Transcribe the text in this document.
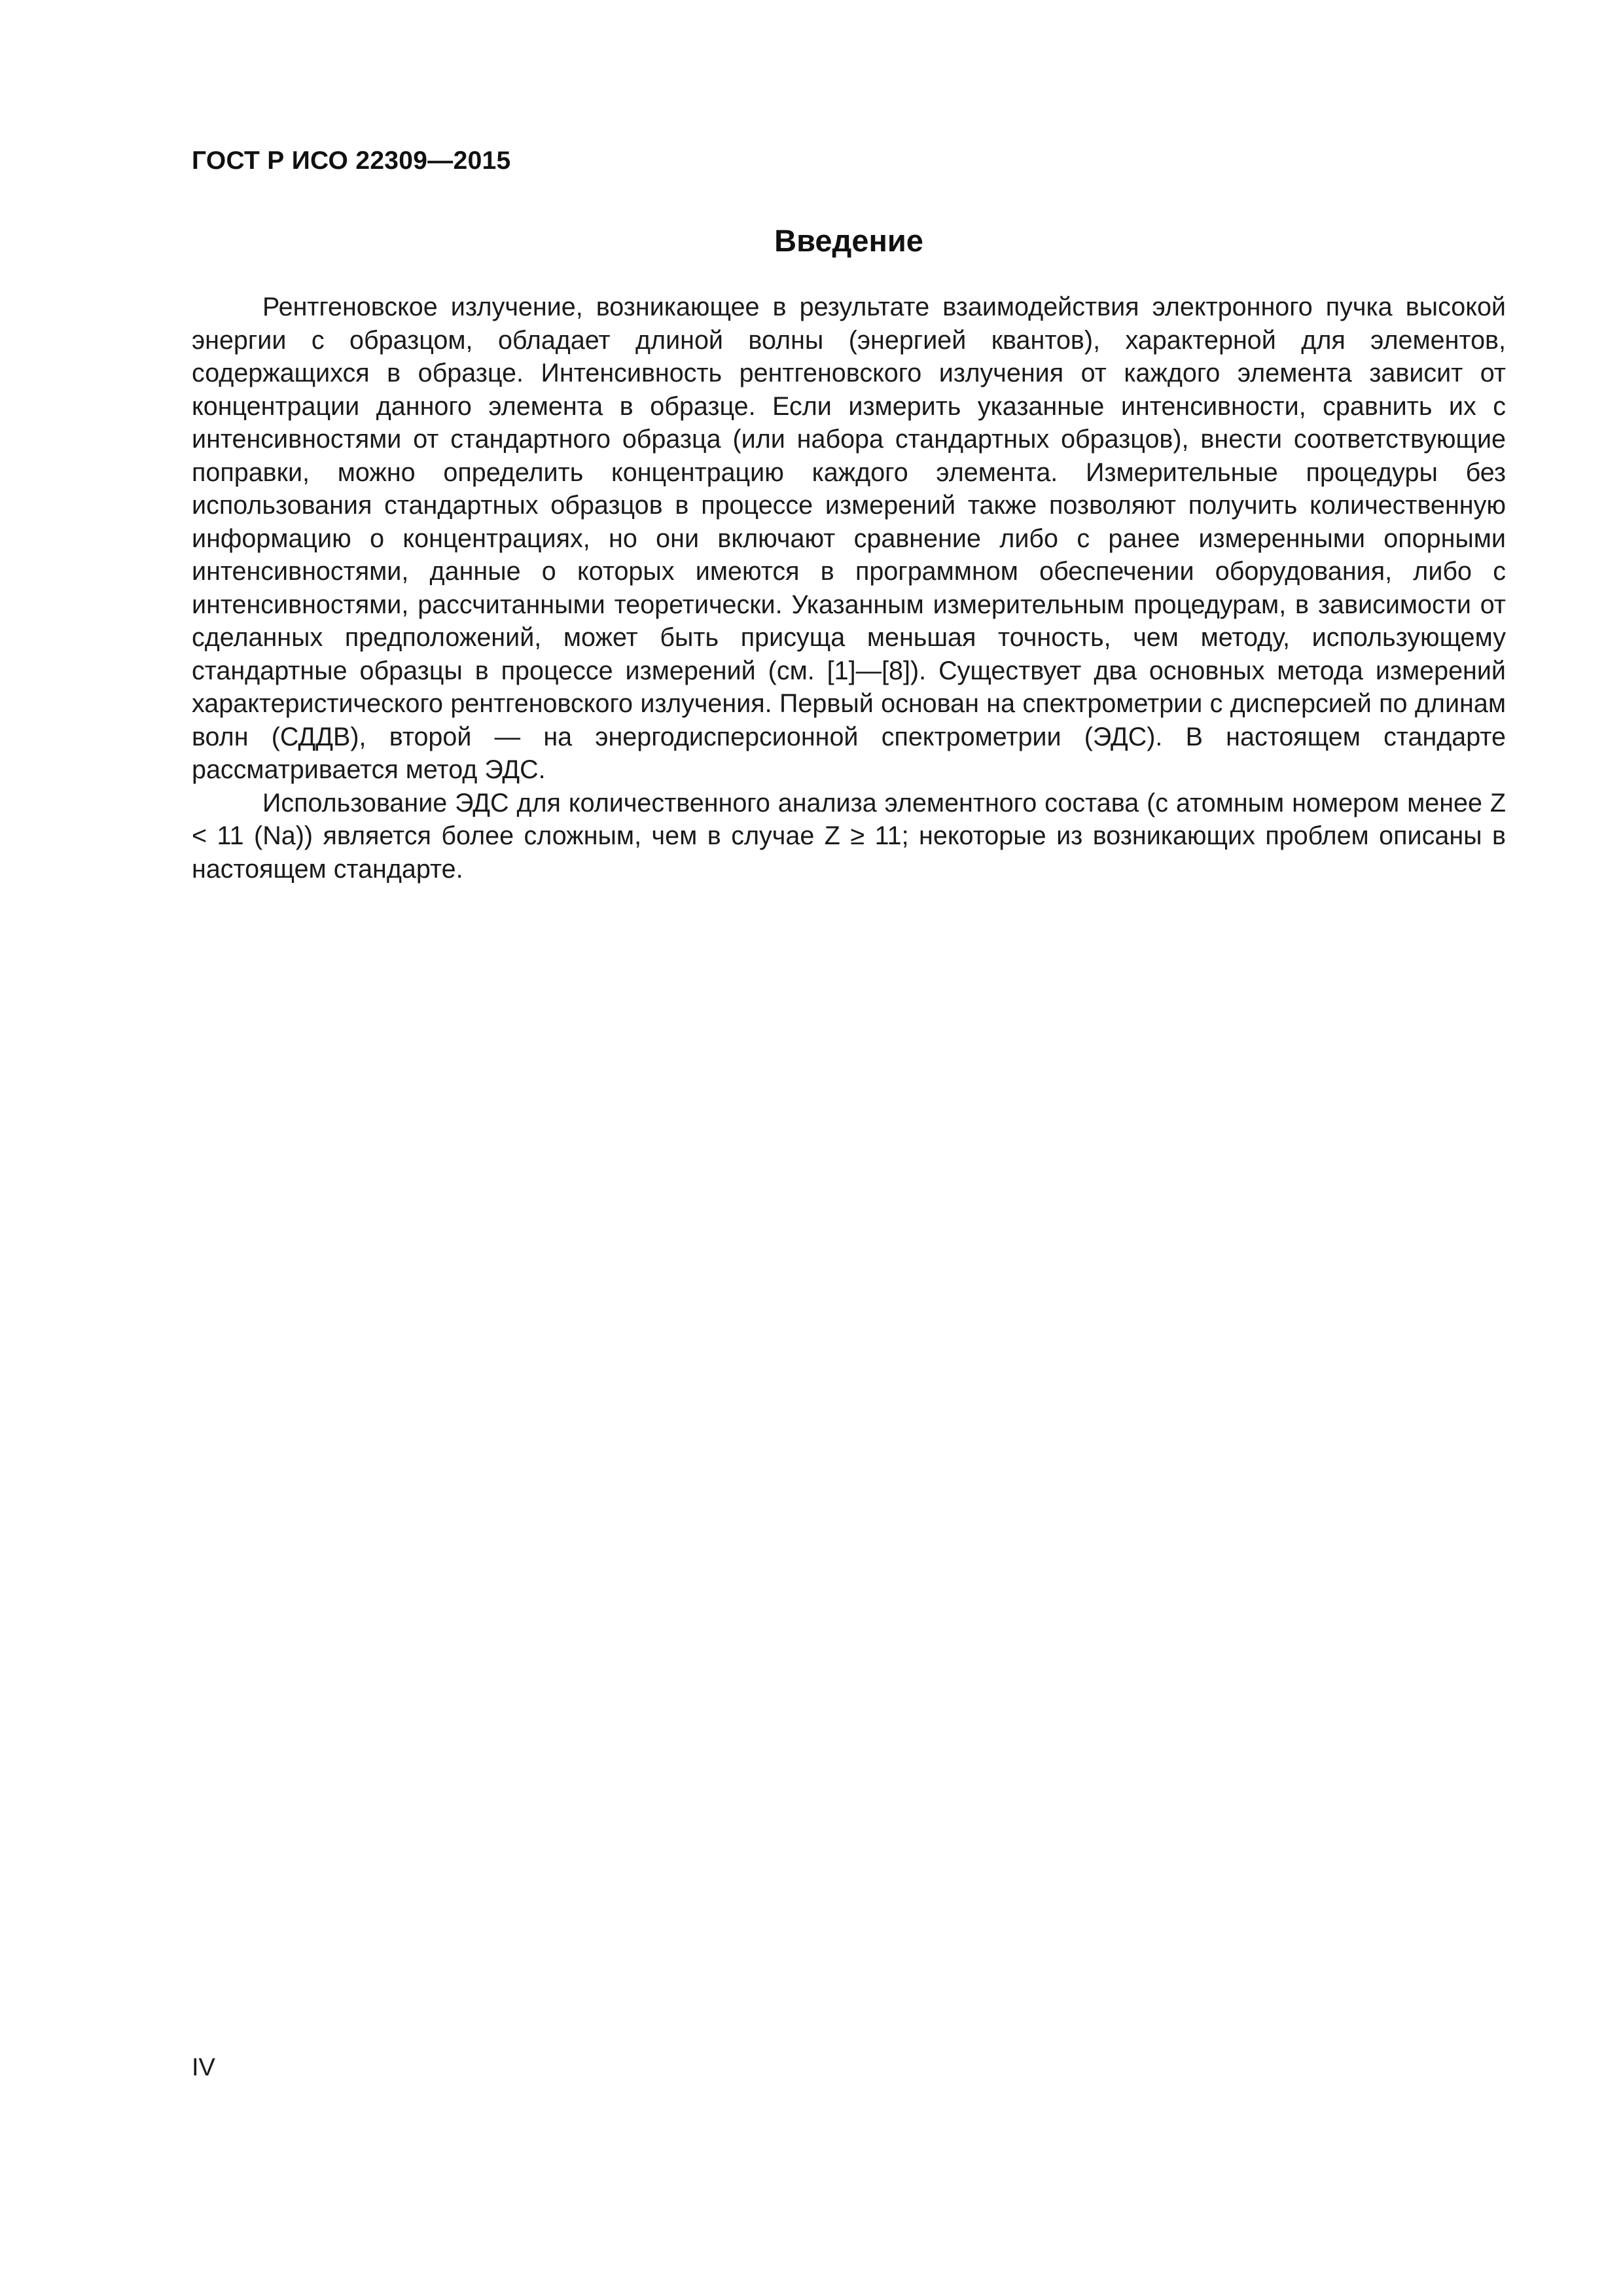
ГОСТ Р ИСО 22309—2015
Введение

Рентгеновское излучение, возникающее в результате взаимодействия электронного пучка высокой энергии с образцом, обладает длиной волны (энергией квантов), характерной для элементов, содержащихся в образце. Интенсивность рентгеновского излучения от каждого элемента зависит от концентрации данного элемента в образце. Если измерить указанные интенсивности, сравнить их с интенсивностями от стандартного образца (или набора стандартных образцов), внести соответствующие поправки, можно определить концентрацию каждого элемента. Измерительные процедуры без использования стандартных образцов в процессе измерений также позволяют получить количественную информацию о концентрациях, но они включают сравнение либо с ранее измеренными опорными интенсивностями, данные о которых имеются в программном обеспечении оборудования, либо с интенсивностями, рассчитанными теоретически. Указанным измерительным процедурам, в зависимости от сделанных предположений, может быть присуща меньшая точность, чем методу, использующему стандартные образцы в процессе измерений (см. [1]—[8]). Существует два основных метода измерений характеристического рентгеновского излучения. Первый основан на спектрометрии с дисперсией по длинам волн (СДДВ), второй — на энергодисперсионной спектрометрии (ЭДС). В настоящем стандарте рассматривается метод ЭДС.

Использование ЭДС для количественного анализа элементного состава (с атомным номером менее Z < 11 (Na)) является более сложным, чем в случае Z ≥ 11; некоторые из возникающих проблем описаны в настоящем стандарте.

IV
